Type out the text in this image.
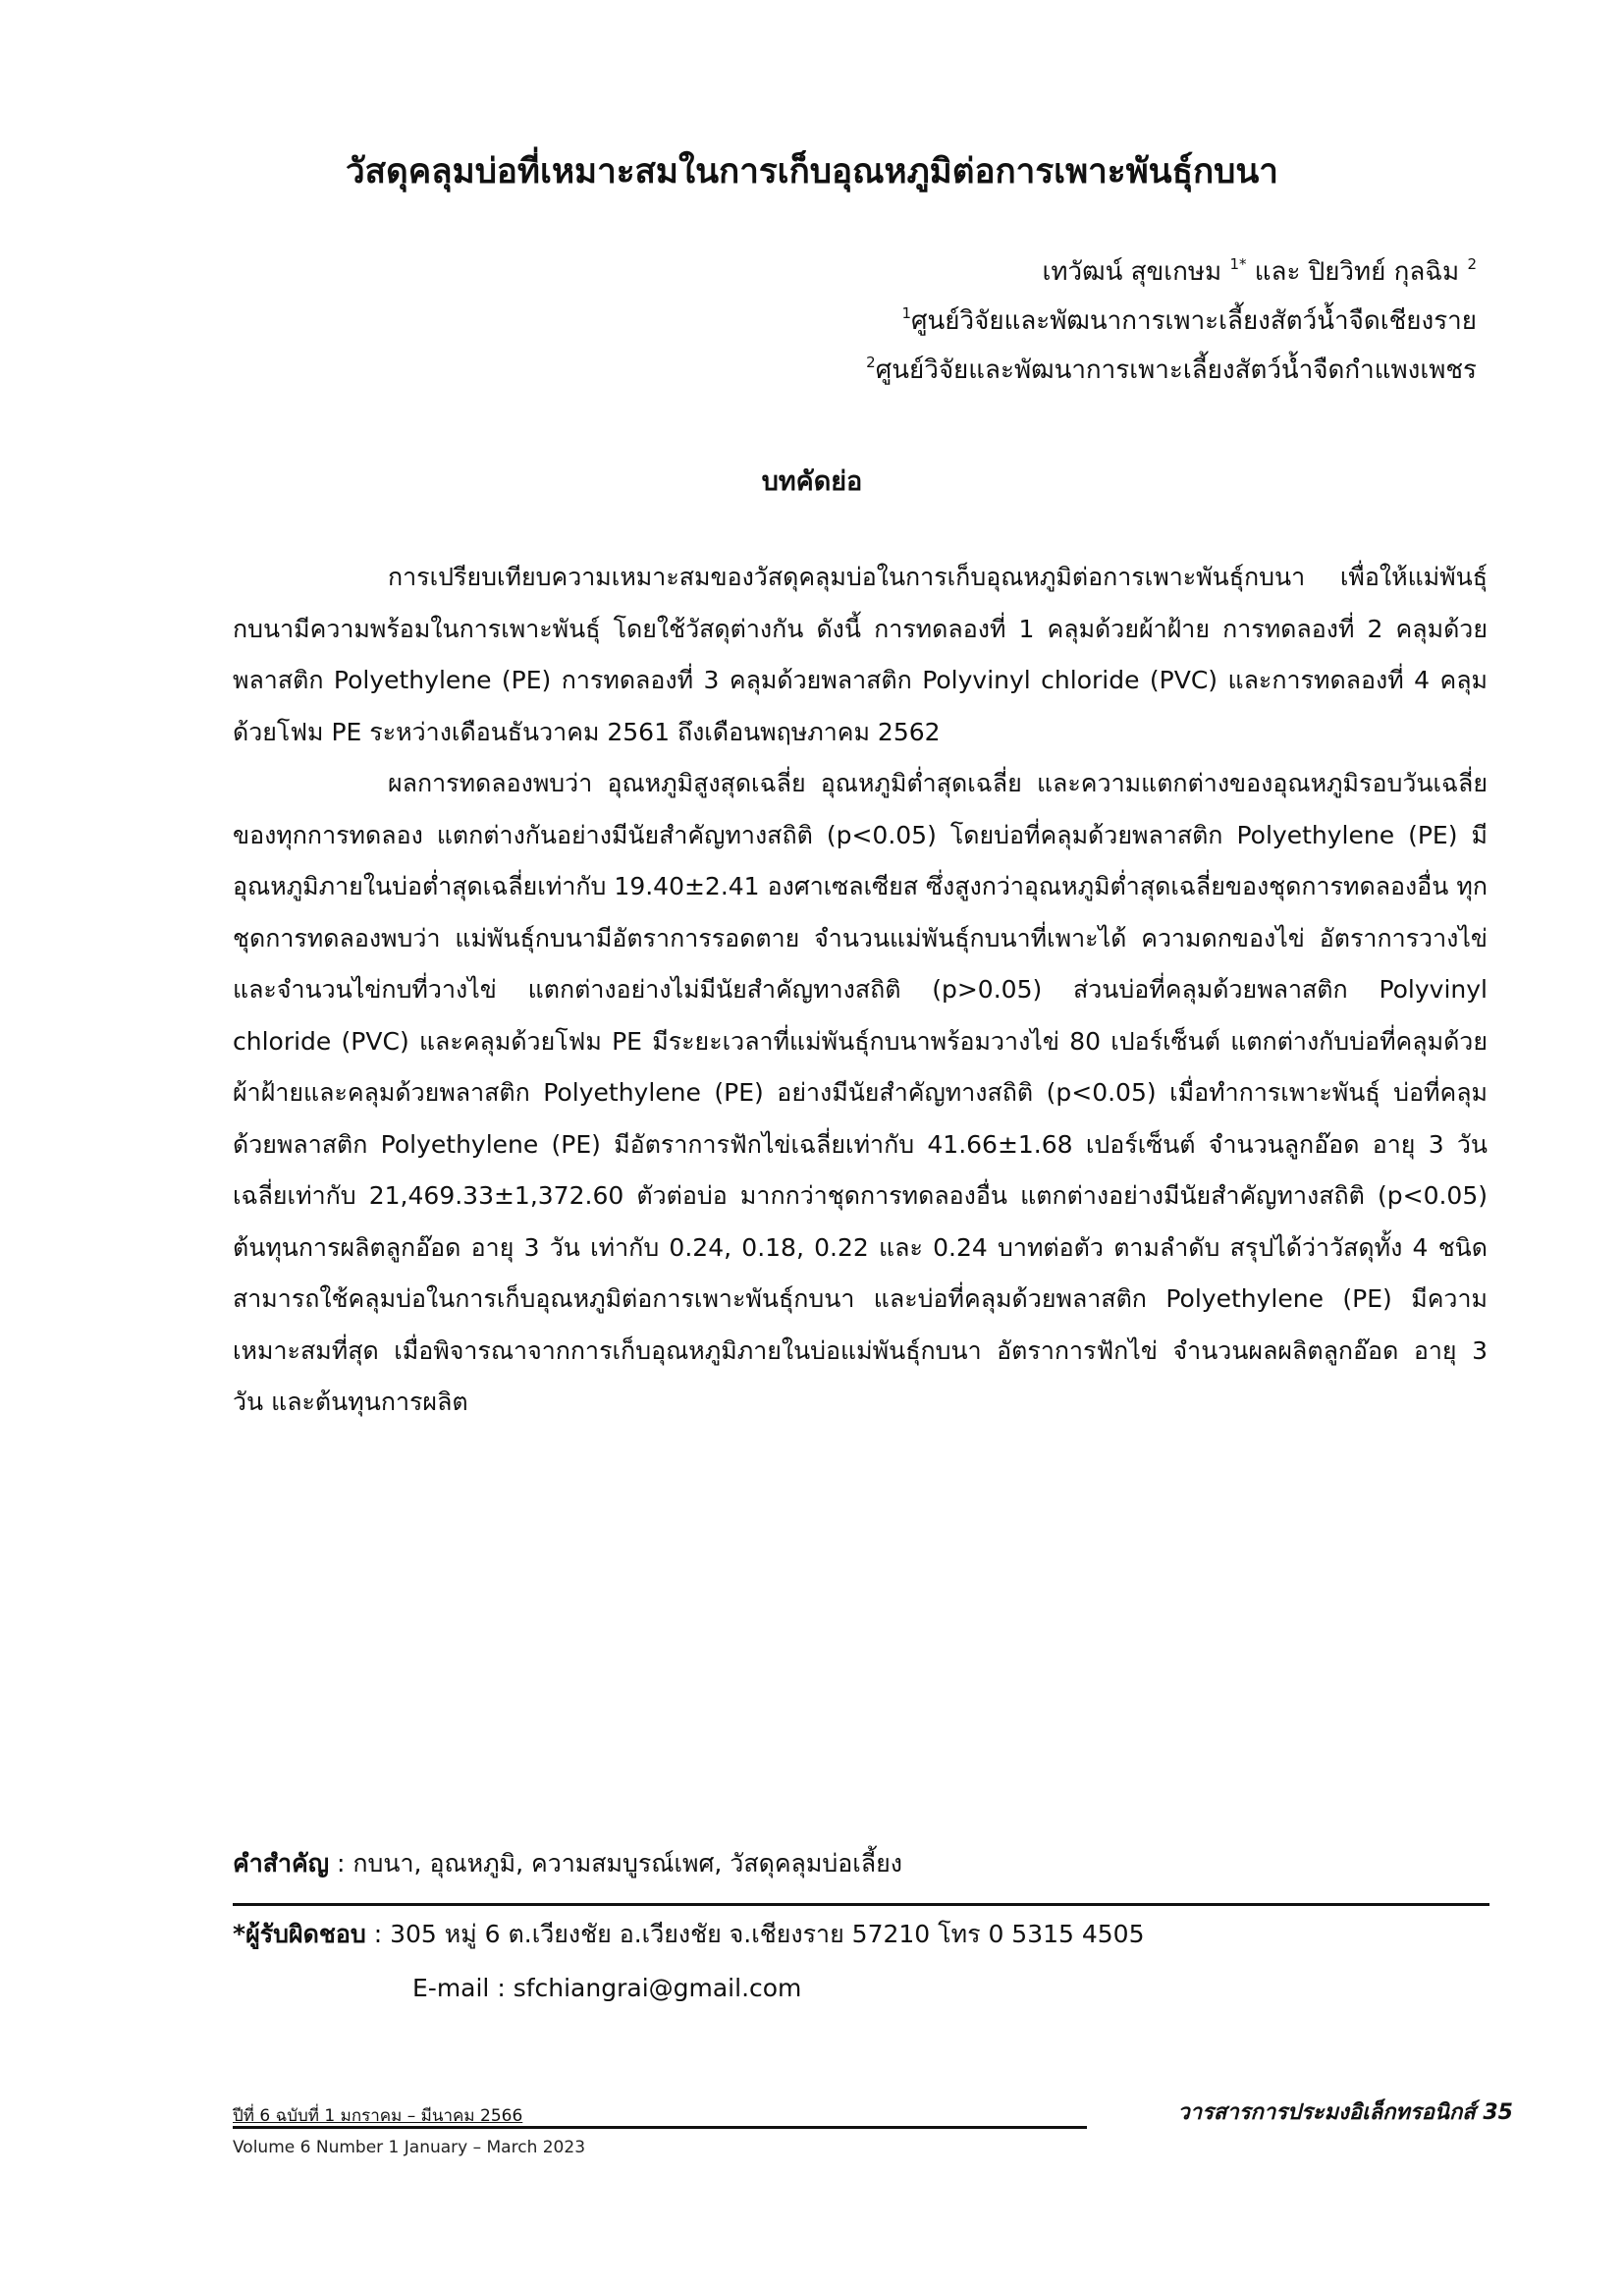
วัสดุคลุมบ่อที่เหมาะสมในการเก็บอุณหภูมิต่อการเพาะพันธุ์กบนา
เทวัฒน์ สุขเกษม $^{1*}$ และ ปิยวิทย์ กุลฉิม $^2$
$^1$ศูนย์วิจัยและพัฒนาการเพาะเลี้ยงสัตว์น้ำจืดเชียงราย
$^2$ศูนย์วิจัยและพัฒนาการเพาะเลี้ยงสัตว์น้ำจืดกำแพงเพชร
บทคัดย่อ

การเปรียบเทียบความเหมาะสมของวัสดุคลุมบ่อในการเก็บอุณหภูมิต่อการเพาะพันธุ์กบนา เพื่อให้แม่พันธุ์กบนามีความพร้อมในการเพาะพันธุ์ โดยใช้วัสดุต่างกัน ดังนี้ การทดลองที่ 1 คลุมด้วยผ้าฝ้าย การทดลองที่ 2 คลุมด้วยพลาสติก Polyethylene (PE) การทดลองที่ 3 คลุมด้วยพลาสติก Polyvinyl chloride (PVC) และการทดลองที่ 4 คลุมด้วยโฟม PE ระหว่างเดือนธันวาคม 2561 ถึงเดือนพฤษภาคม 2562

ผลการทดลองพบว่า อุณหภูมิสูงสุดเฉลี่ย อุณหภูมิต่ำสุดเฉลี่ย และความแตกต่างของอุณหภูมิรอบวันเฉลี่ยของทุกการทดลอง แตกต่างกันอย่างมีนัยสำคัญทางสถิติ (p<0.05) โดยบ่อที่คลุมด้วยพลาสติก Polyethylene (PE) มีอุณหภูมิภายในบ่อต่ำสุดเฉลี่ยเท่ากับ 19.40±2.41 องศาเซลเซียส ซึ่งสูงกว่าอุณหภูมิต่ำสุดเฉลี่ยของชุดการทดลองอื่น ทุกชุดการทดลองพบว่า แม่พันธุ์กบนามีอัตราการรอดตาย จำนวนแม่พันธุ์กบนาที่เพาะได้ ความดกของไข่ อัตราการวางไข่ และจำนวนไข่กบที่วางไข่ แตกต่างอย่างไม่มีนัยสำคัญทางสถิติ (p>0.05) ส่วนบ่อที่คลุมด้วยพลาสติก Polyvinyl chloride (PVC) และคลุมด้วยโฟม PE มีระยะเวลาที่แม่พันธุ์กบนาพร้อมวางไข่ 80 เปอร์เซ็นต์ แตกต่างกับบ่อที่คลุมด้วยผ้าฝ้ายและคลุมด้วยพลาสติก Polyethylene (PE) อย่างมีนัยสำคัญทางสถิติ (p<0.05) เมื่อทำการเพาะพันธุ์ บ่อที่คลุมด้วยพลาสติก Polyethylene (PE) มีอัตราการฟักไข่เฉลี่ยเท่ากับ 41.66±1.68 เปอร์เซ็นต์ จำนวนลูกอ๊อด อายุ 3 วัน เฉลี่ยเท่ากับ 21,469.33±1,372.60 ตัวต่อบ่อ มากกว่าชุดการทดลองอื่น แตกต่างอย่างมีนัยสำคัญทางสถิติ (p<0.05) ต้นทุนการผลิตลูกอ๊อด อายุ 3 วัน เท่ากับ 0.24, 0.18, 0.22 และ 0.24 บาทต่อตัว ตามลำดับ สรุปได้ว่าวัสดุทั้ง 4 ชนิด สามารถใช้คลุมบ่อในการเก็บอุณหภูมิต่อการเพาะพันธุ์กบนา และบ่อที่คลุมด้วยพลาสติก Polyethylene (PE) มีความเหมาะสมที่สุด เมื่อพิจารณาจากการเก็บอุณหภูมิภายในบ่อแม่พันธุ์กบนา อัตราการฟักไข่ จำนวนผลผลิตลูกอ๊อด อายุ 3 วัน และต้นทุนการผลิต

คำสำคัญ : กบนา, อุณหภูมิ, ความสมบูรณ์เพศ, วัสดุคลุมบ่อเลี้ยง
*ผู้รับผิดชอบ : 305 หมู่ 6 ต.เวียงชัย อ.เวียงชัย จ.เชียงราย 57210 โทร 0 5315 4505
E-mail : sfchiangrai@gmail.com
ปีที่ 6 ฉบับที่ 1 มกราคม – มีนาคม 2566	วารสารการประมงอิเล็กทรอนิกส์ 35
Volume 6 Number 1 January – March 2023
